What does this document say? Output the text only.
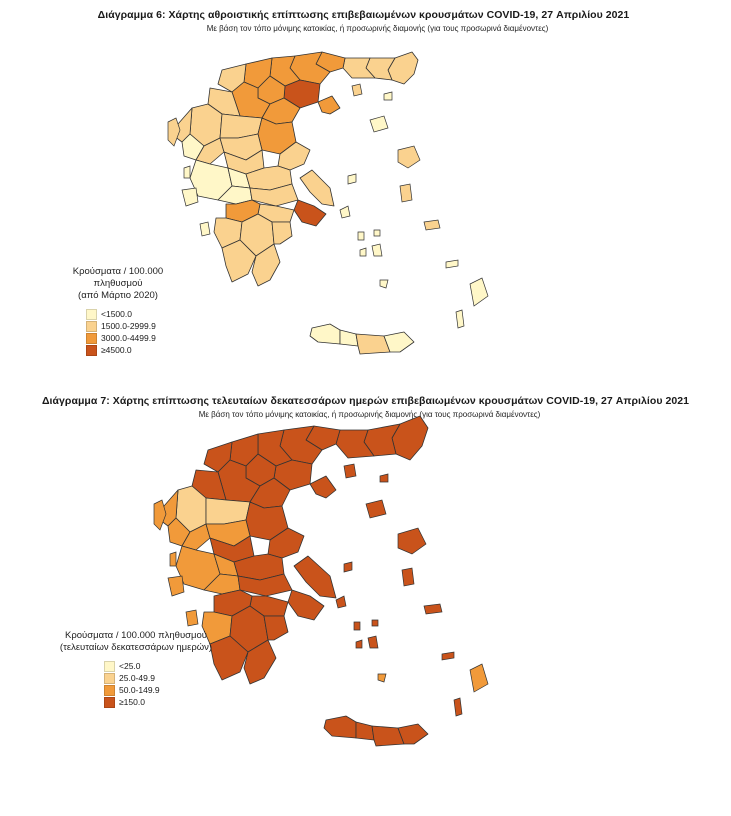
Διάγραμμα 6: Χάρτης αθροιστικής επίπτωσης επιβεβαιωμένων κρουσμάτων COVID-19, 27 Απριλίου 2021
Με βάση τον τόπο μόνιμης κατοικίας, ή προσωρινής διαμονής (για τους προσωρινά διαμένοντες)
Κρούσματα / 100.000 πληθυσμού
(από Μάρτιο 2020)
<1500.0
1500.0-2999.9
3000.0-4499.9
≥4500.0
Διάγραμμα 7: Χάρτης επίπτωσης τελευταίων δεκατεσσάρων ημερών επιβεβαιωμένων κρουσμάτων COVID-19, 27 Απριλίου 2021
Με βάση τον τόπο μόνιμης κατοικίας, ή προσωρινής διαμονής (για τους προσωρινά διαμένοντες)
Κρούσματα / 100.000 πληθυσμού
(τελευταίων δεκατεσσάρων ημερών)
<25.0
25.0-49.9
50.0-149.9
≥150.0
